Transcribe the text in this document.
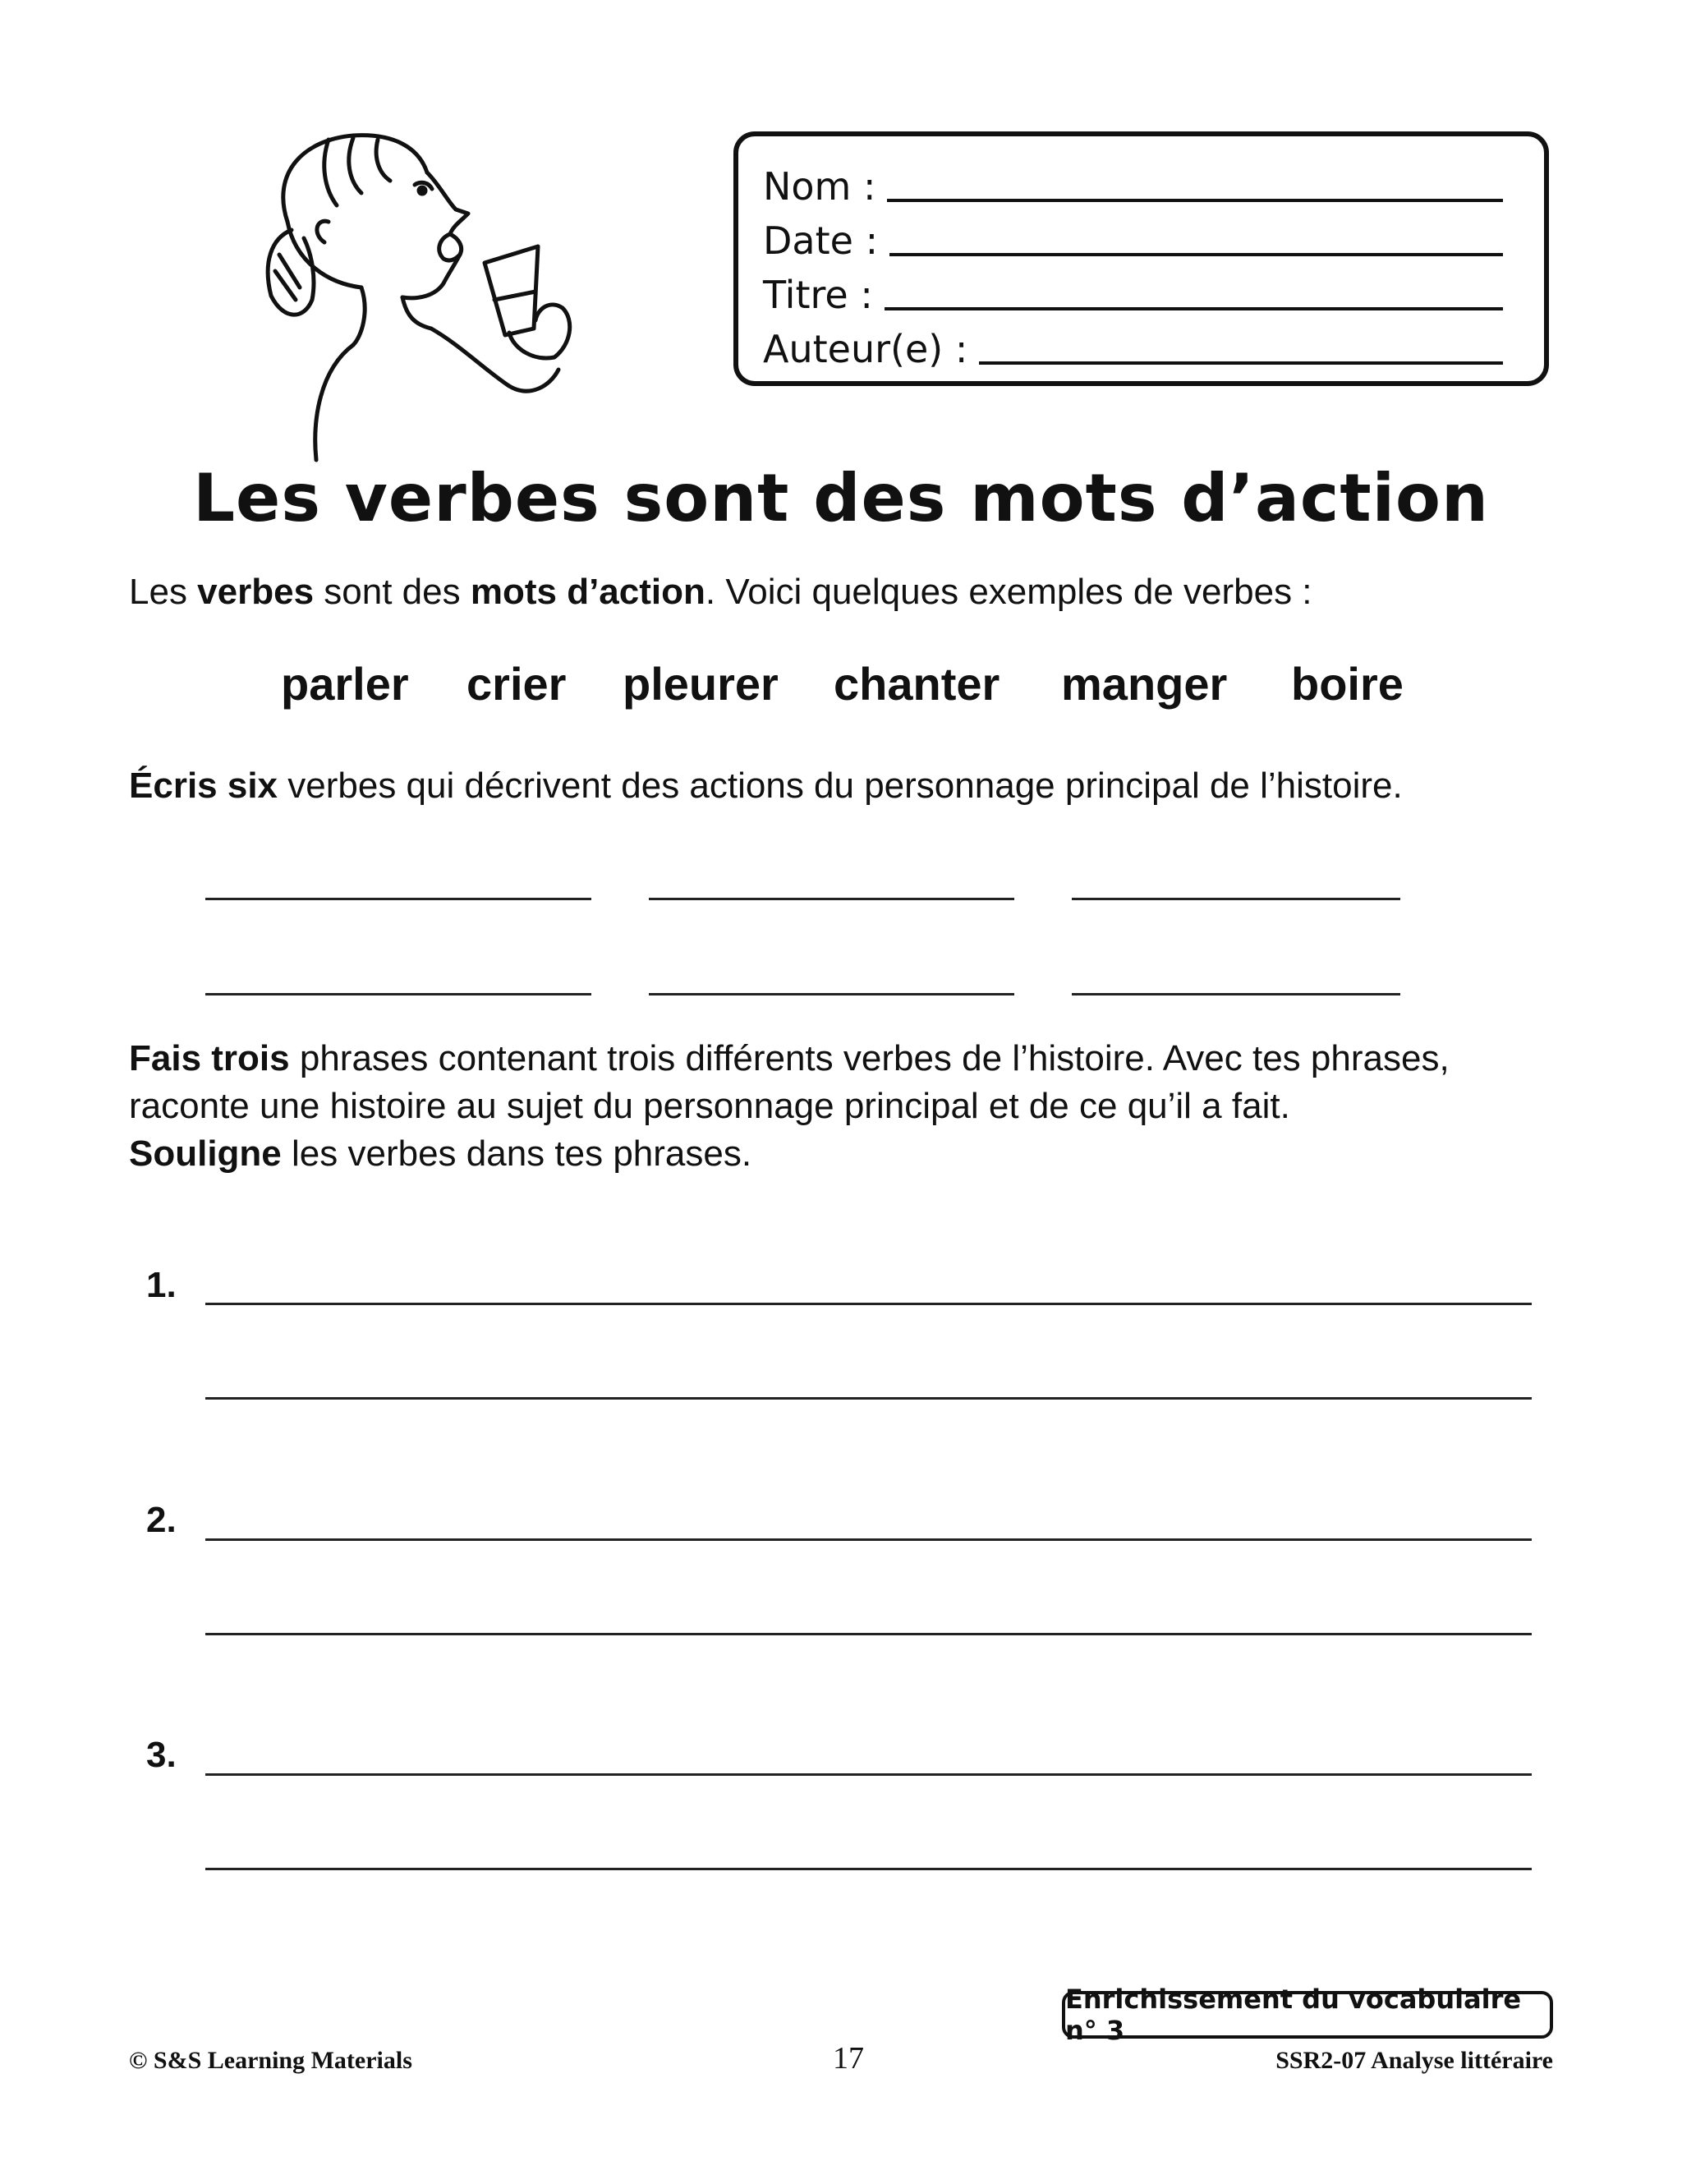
Nom :
Date :
Titre :
Auteur(e) :
Les verbes sont des mots d’action
Les verbes sont des mots d’action. Voici quelques exemples de verbes :
parler crier pleurer chanter manger boire
Écris six verbes qui décrivent des actions du personnage principal de l’histoire.
Fais trois phrases contenant trois différents verbes de l’histoire. Avec tes phrases,
raconte une histoire au sujet du personnage principal et de ce qu’il a fait.
Souligne les verbes dans tes phrases.
1.
2.
3.
Enrichissement du vocabulaire n° 3
© S&S Learning Materials	17	SSR2-07 Analyse littéraire
